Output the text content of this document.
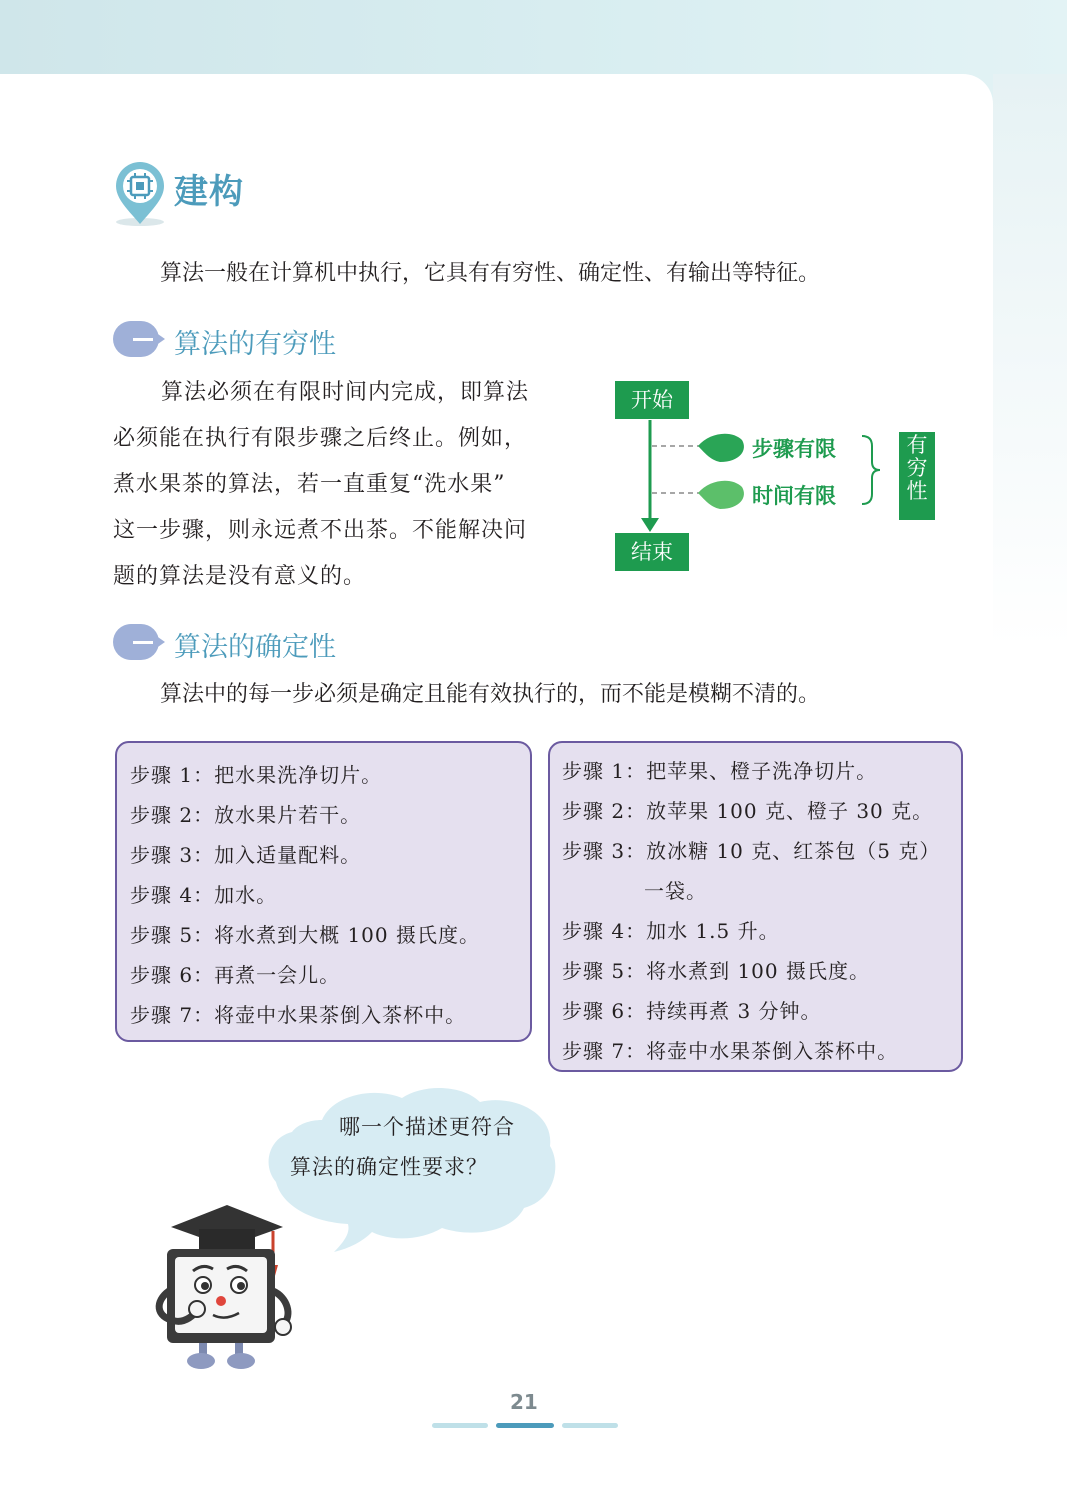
建构
算法一般在计算机中执行，它具有有穷性、确定性、有输出等特征。
算法的有穷性
算法必须在有限时间内完成，即算法
必须能在执行有限步骤之后终止。例如，
煮水果茶的算法，若一直重复“洗水果”
这一步骤，则永远煮不出茶。不能解决问
题的算法是没有意义的。
开始
结束
步骤有限
时间有限
有穷性
算法的确定性
算法中的每一步必须是确定且能有效执行的，而不能是模糊不清的。
步骤 1：把水果洗净切片。
步骤 2：放水果片若干。
步骤 3：加入适量配料。
步骤 4：加水。
步骤 5：将水煮到大概 100 摄氏度。
步骤 6：再煮一会儿。
步骤 7：将壶中水果茶倒入茶杯中。
步骤 1：把苹果、橙子洗净切片。
步骤 2：放苹果 100 克、橙子 30 克。
步骤 3：放冰糖 10 克、红茶包（5 克）
一袋。
步骤 4：加水 1.5 升。
步骤 5：将水煮到 100 摄氏度。
步骤 6：持续再煮 3 分钟。
步骤 7：将壶中水果茶倒入茶杯中。
哪一个描述更符合
算法的确定性要求？
21
